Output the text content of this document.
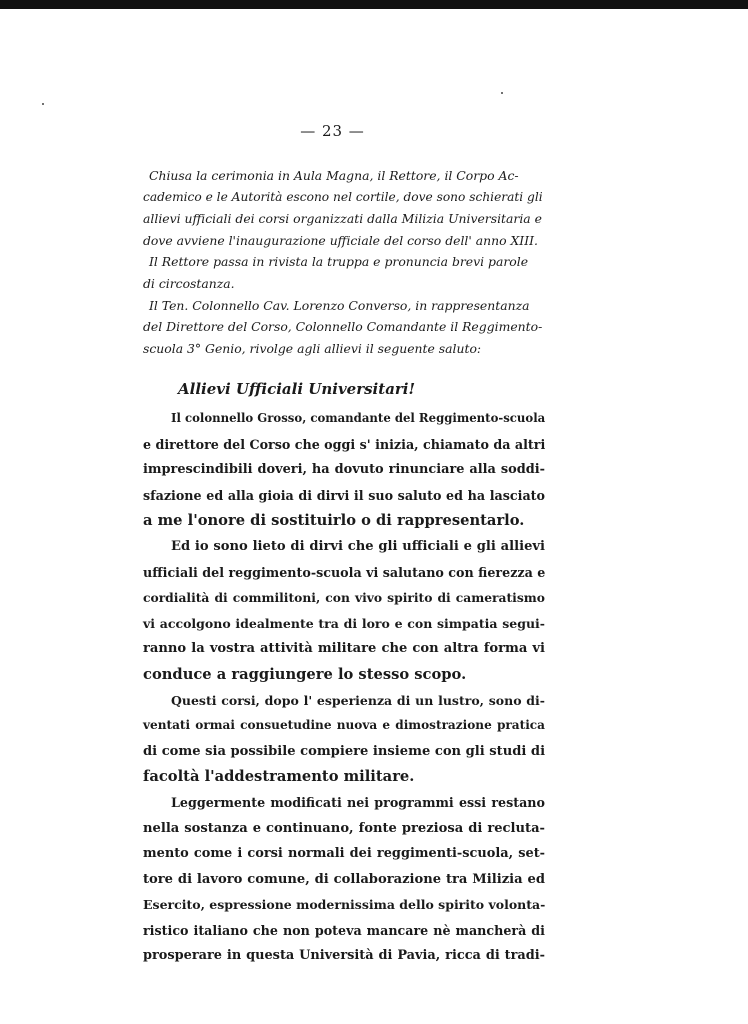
— 23 —

Chiusa la cerimonia in Aula Magna, il Rettore, il Corpo Ac-
cademico e le Autorità escono nel cortile, dove sono schierati gli
allievi ufficiali dei corsi organizzati dalla Milizia Universitaria e
dove avviene l'inaugurazione ufficiale del corso dell' anno XIII.

Il Rettore passa in rivista la truppa e pronuncia brevi parole
di circostanza.

Il Ten. Colonnello Cav. Lorenzo Converso, in rappresentanza
del Direttore del Corso, Colonnello Comandante il Reggimento-
scuola 3° Genio, rivolge agli allievi il seguente saluto:

Allievi Ufficiali Universitari!
Il colonnello Grosso, comandante del Reggimento-scuola
e direttore del Corso che oggi s' inizia, chiamato da altri
imprescindibili doveri, ha dovuto rinunciare alla soddi-
sfazione ed alla gioia di dirvi il suo saluto ed ha lasciato
a me l'onore di sostituirlo o di rappresentarlo.
Ed io sono lieto di dirvi che gli ufficiali e gli allievi
ufficiali del reggimento-scuola vi salutano con fierezza e
cordialità di commilitoni, con vivo spirito di cameratismo
vi accolgono idealmente tra di loro e con simpatia segui-
ranno la vostra attività militare che con altra forma vi
conduce a raggiungere lo stesso scopo.
Questi corsi, dopo l' esperienza di un lustro, sono di-
ventati ormai consuetudine nuova e dimostrazione pratica
di come sia possibile compiere insieme con gli studi di
facoltà l'addestramento militare.
Leggermente modificati nei programmi essi restano
nella sostanza e continuano, fonte preziosa di recluta-
mento come i corsi normali dei reggimenti-scuola, set-
tore di lavoro comune, di collaborazione tra Milizia ed
Esercito, espressione modernissima dello spirito volonta-
ristico italiano che non poteva mancare nè mancherà di
prosperare in questa Università di Pavia, ricca di tradi-
